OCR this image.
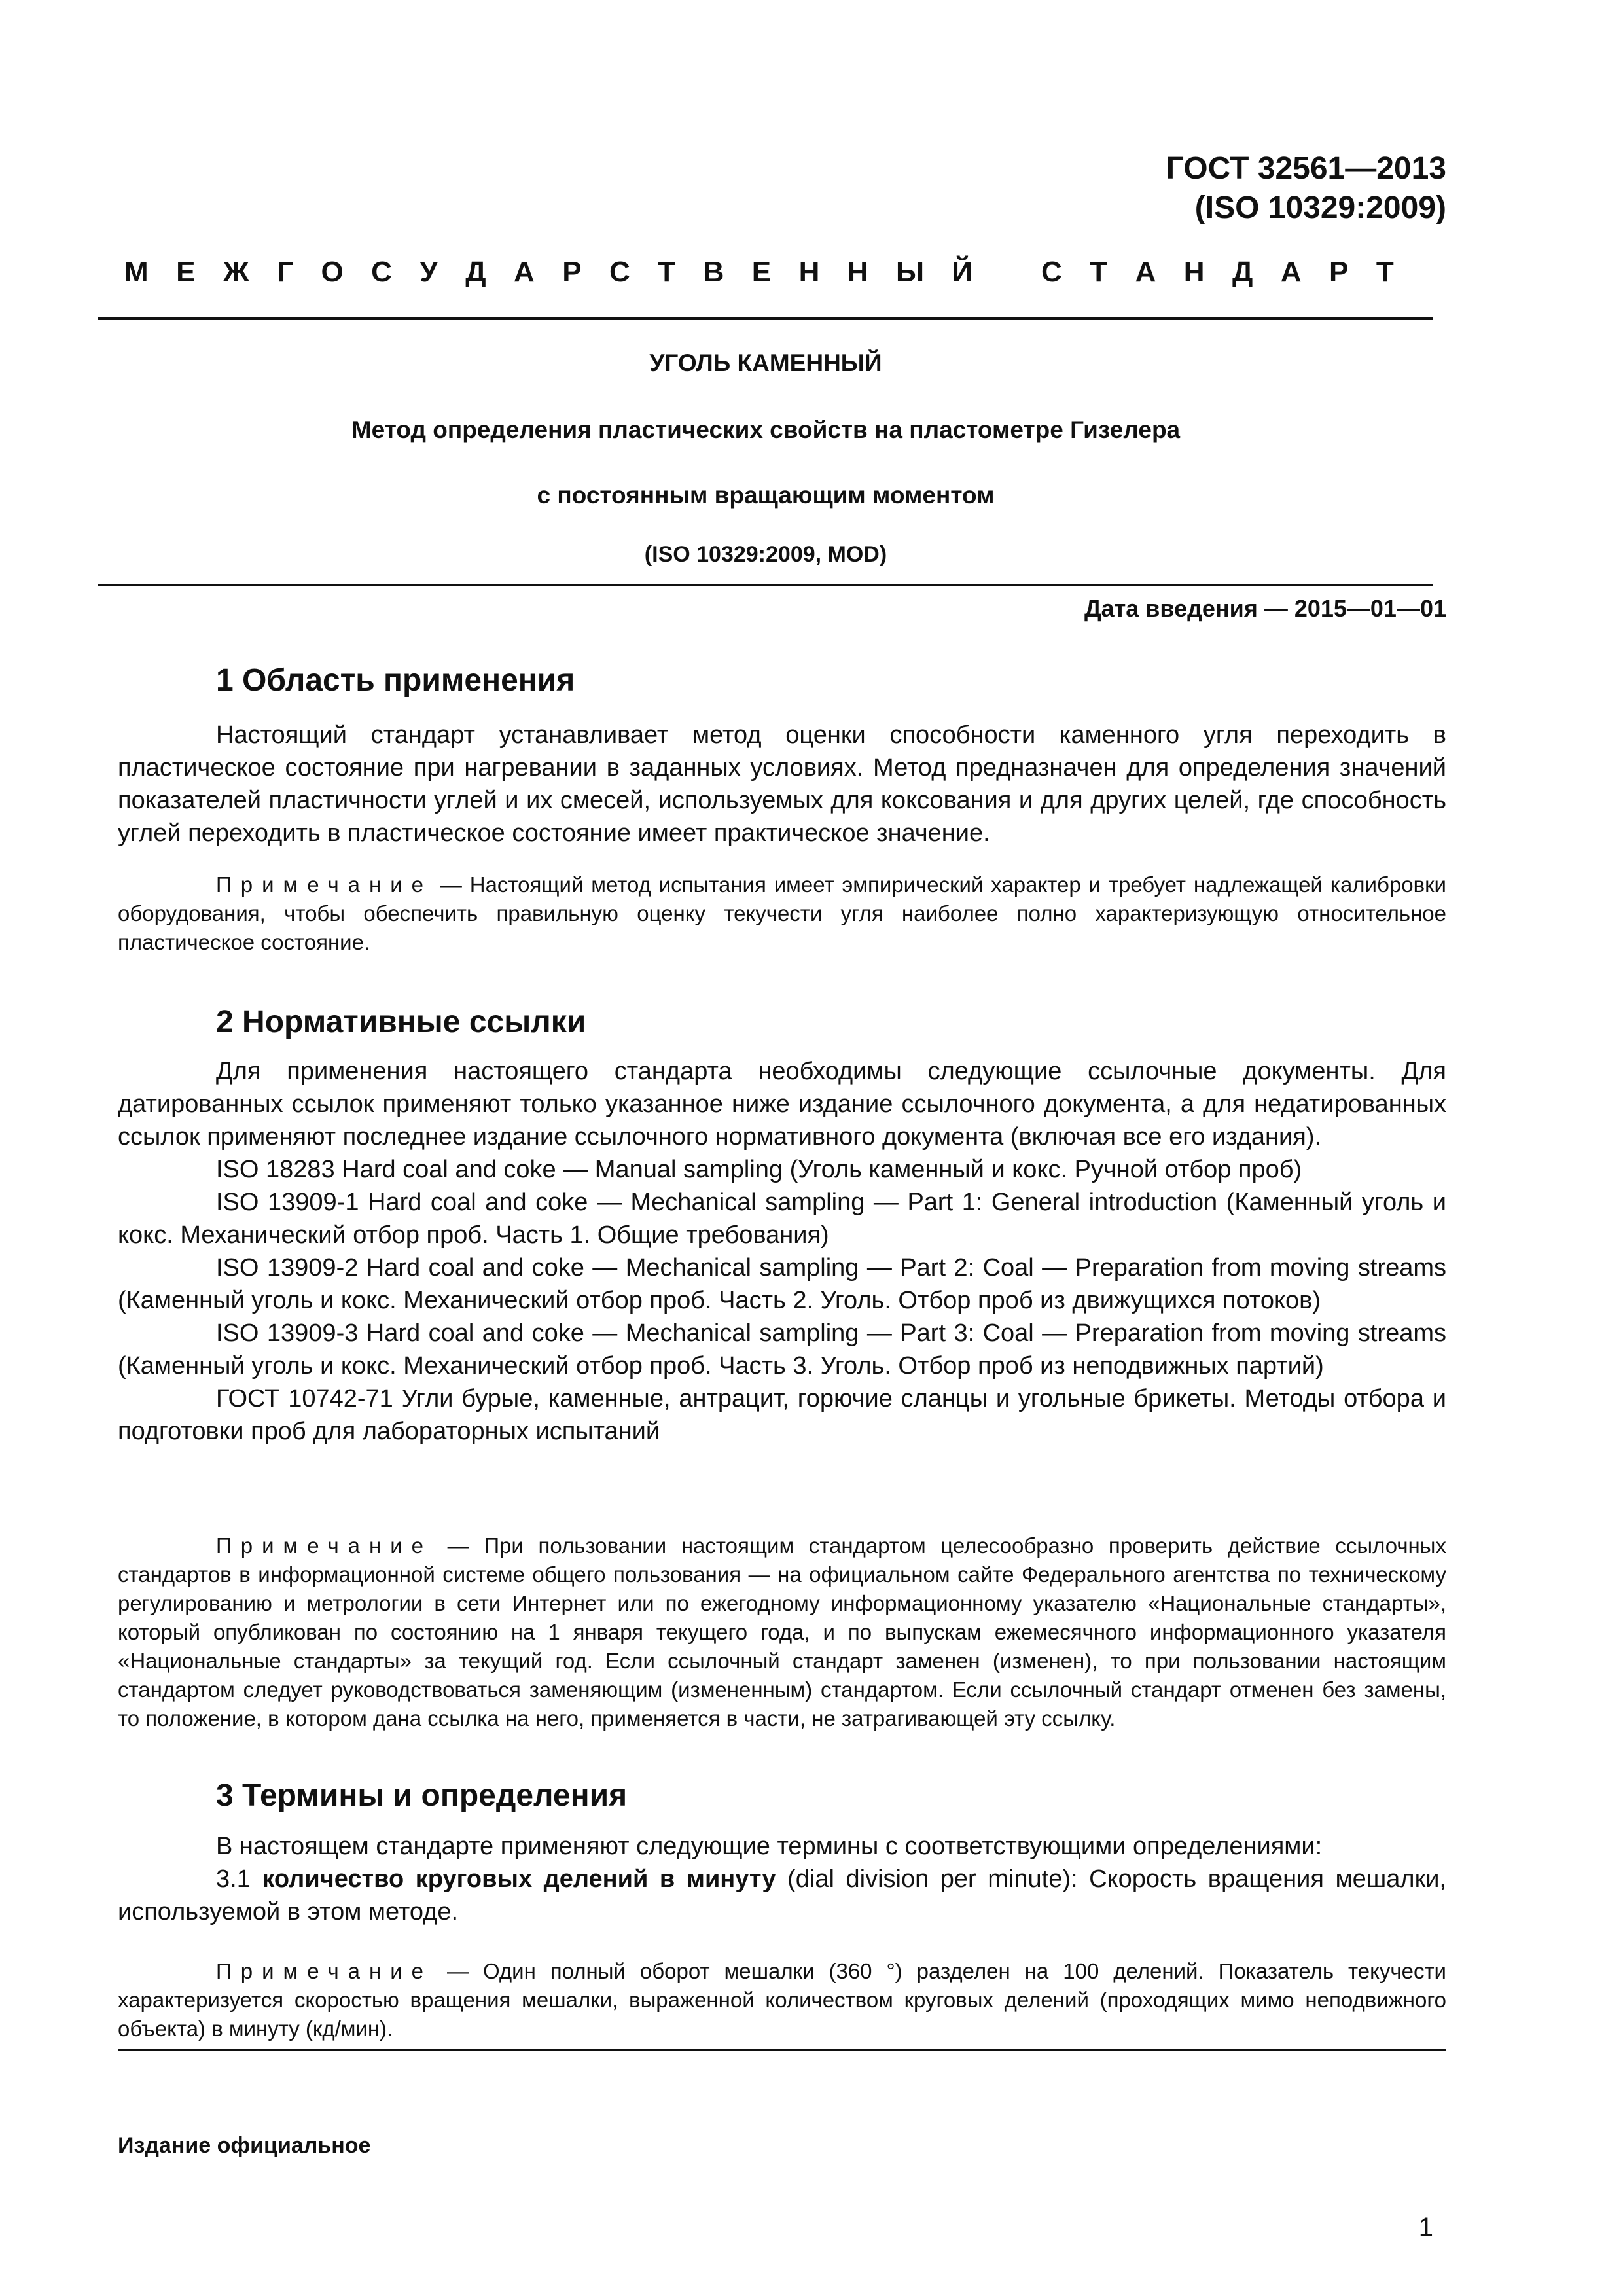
ГОСТ 32561—2013
(ISO 10329:2009)
М Е Ж Г О С У Д А Р С Т В Е Н Н Ы Й С Т А Н Д А Р Т
УГОЛЬ КАМЕННЫЙ
Метод определения пластических свойств на пластометре Гизелера
с постоянным вращающим моментом
(ISO 10329:2009, MOD)
Дата введения — 2015—01—01
1 Область применения
Настоящий стандарт устанавливает метод оценки способности каменного угля переходить в пластическое состояние при нагревании в заданных условиях. Метод предназначен для определения значений показателей пластичности углей и их смесей, используемых для коксования и для других целей, где способность углей переходить в пластическое состояние имеет практическое значение.
Примечание — Настоящий метод испытания имеет эмпирический характер и требует надлежащей калибровки оборудования, чтобы обеспечить правильную оценку текучести угля наиболее полно характеризующую относительное пластическое состояние.
2 Нормативные ссылки

Для применения настоящего стандарта необходимы следующие ссылочные документы. Для датированных ссылок применяют только указанное ниже издание ссылочного документа, а для недатированных ссылок применяют последнее издание ссылочного нормативного документа (включая все его издания).

ISO 18283 Hard coal and coke — Manual sampling (Уголь каменный и кокс. Ручной отбор проб)

ISO 13909-1 Hard coal and coke — Mechanical sampling — Part 1: General introduction (Каменный уголь и кокс. Механический отбор проб. Часть 1. Общие требования)

ISO 13909-2 Hard coal and coke — Mechanical sampling — Part 2: Coal — Preparation from moving streams (Каменный уголь и кокс. Механический отбор проб. Часть 2. Уголь. Отбор проб из движущихся потоков)

ISO 13909-3 Hard coal and coke — Mechanical sampling — Part 3: Coal — Preparation from moving streams (Каменный уголь и кокс. Механический отбор проб. Часть 3. Уголь. Отбор проб из неподвижных партий)

ГОСТ 10742-71 Угли бурые, каменные, антрацит, горючие сланцы и угольные брикеты. Методы отбора и подготовки проб для лабораторных испытаний

Примечание — При пользовании настоящим стандартом целесообразно проверить действие ссылочных стандартов в информационной системе общего пользования — на официальном сайте Федерального агентства по техническому регулированию и метрологии в сети Интернет или по ежегодному информационному указателю «Национальные стандарты», который опубликован по состоянию на 1 января текущего года, и по выпускам ежемесячного информационного указателя «Национальные стандарты» за текущий год. Если ссылочный стандарт заменен (изменен), то при пользовании настоящим стандартом следует руководствоваться заменяющим (измененным) стандартом. Если ссылочный стандарт отменен без замены, то положение, в котором дана ссылка на него, применяется в части, не затрагивающей эту ссылку.
3 Термины и определения

В настоящем стандарте применяют следующие термины с соответствующими определениями:

3.1 количество круговых делений в минуту (dial division per minute): Скорость вращения мешалки, используемой в этом методе.

Примечание — Один полный оборот мешалки (360 °) разделен на 100 делений. Показатель текучести характеризуется скоростью вращения мешалки, выраженной количеством круговых делений (проходящих мимо неподвижного объекта) в минуту (кд/мин).
Издание официальное
1
